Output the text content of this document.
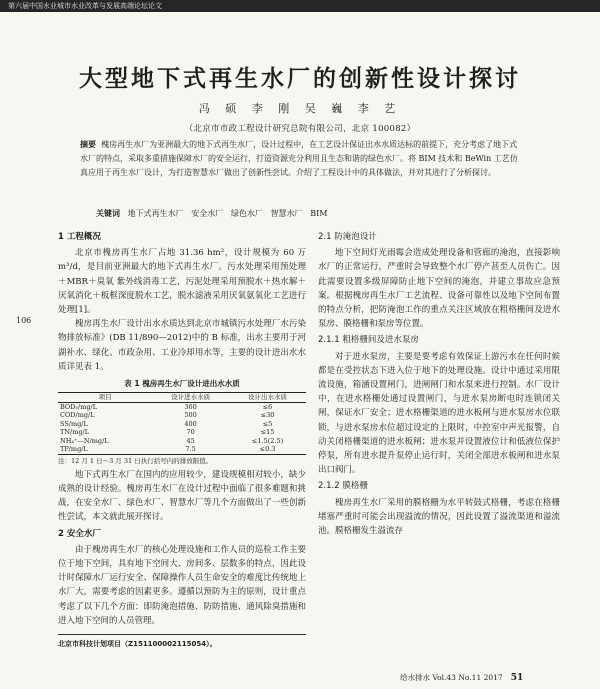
第六届中国水业城市水业改革与发展高端论坛论文
大型地下式再生水厂的创新性设计探讨
冯 硕 李 刚 吴 巍 李 艺
（北京市市政工程设计研究总院有限公司，北京 100082）

摘要 槐房再生水厂为亚洲最大的地下式再生水厂，设计过程中，在工艺设计保证出水水质达标的前提下，充分考虑了地下式水厂的特点，采取多重措施保障水厂的安全运行，打造资源充分利用且生态和谐的绿色水厂。将 BIM 技术和 BeWin 工艺仿真应用于再生水厂设计，为打造智慧水厂做出了创新性尝试。介绍了工程设计中的具体做法，并对其进行了分析探讨。

关键词 地下式再生水厂 安全水厂 绿色水厂 智慧水厂 BIM
106
1 工程概况

北京市槐房再生水厂占地 31.36 hm²，设计规模为 60 万 m³/d，是目前亚洲最大的地下式再生水厂。污水处理采用预处理＋MBR＋臭氧 紫外线消毒工艺，污泥处理采用预脱水＋热水解＋厌氧消化＋板框深度脱水工艺，脱水滤液采用厌氧氨氧化工艺进行处理[1]。

槐房再生水厂设计出水水质达到北京市城镇污水处理厂水污染物排放标准》(DB 11/890—2012)中的 B 标准，出水主要用于河湖补水、绿化、市政杂用、工业冷却用水等，主要的设计进出水水质详见表 1。

表 1 槐房再生水厂设计进出水水质
项目	设计进水水质	设计出水水质
BOD₅/mg/L	360	≤6
COD/mg/L	500	≤30
SS/mg/L	400	≤5
TN/mg/L	70	≤15
NH₄⁺—N/mg/L	45	≤1.5(2.5)
TP/mg/L	7.5	≤0.3
注：12 月 1 日～3 月 31 日执行括号内的排放限值。

地下式再生水厂在国内的应用较少，建设规模相对较小，缺少成熟的设计经验。槐房再生水厂在设计过程中面临了很多难题和挑战，在安全水厂、绿色水厂、智慧水厂等几个方面做出了一些创新性尝试，本文就此展开探讨。

2 安全水厂

由于槐房再生水厂的核心处理设施和工作人员的巡检工作主要位于地下空间，具有地下空间大、房间多、层数多的特点，因此设计时保障水厂运行安全、保障操作人员生命安全的难度比传统地上水厂大，需要考虑的因素更多。遵循以预防为主的原则，设计重点考虑了以下几个方面：即防淹泡措施、防防措施、通风除臭措施和进入地下空间的人员管理。

北京市科技计划项目（Z151100002115054）。
2.1 防淹泡设计

地下空间灯光雨霉会造成处理设备和管廊的淹泡，直接影响水厂的正常运行，严重时会导致整个水厂停产甚至人员伤亡。因此需要设置多级屏障防止地下空间的淹泡，并建立事故应急预案。根据槐房再生水厂工艺流程、设备可靠性以及地下空间布置的特点分析，把防淹泡工作的重点关注区域放在粗格栅间及进水泵房、膜格栅和泵房等位置。

2.1.1 粗格栅间及进水泵房

对于进水泵房，主要是要考虑有效保证上游污水在任何时候都是在受控状态下进入位于地下的处理设施。设计中通过采用限流设施，箱涵设置闸门，进闸闸门和水泵来进行控制。水厂设计中，在进水格栅处通过设置闸门，与进水泵房断电时连锁闭关闸，保证水厂安全；进水格栅渠道的进水板闸与进水泵房水位联锁，与进水泵房水位超过设定的上限时，中控室中声光报警，自动关闭格栅渠道的进水板闸；进水泵并设置液位计和低液位保护停泵，所有进水提升泵停止运行时，关闭全部进水板闸和进水泵出口阀门。

2.1.2 膜格栅

槐房再生水厂采用的膜格栅为水平转鼓式格栅，考虑在格栅堵塞严重时可能会出现溢流的情况，因此设置了溢流渠道和溢流池。膜格栅发生溢流存

给水排水 Vol.43 No.11 2017 51
